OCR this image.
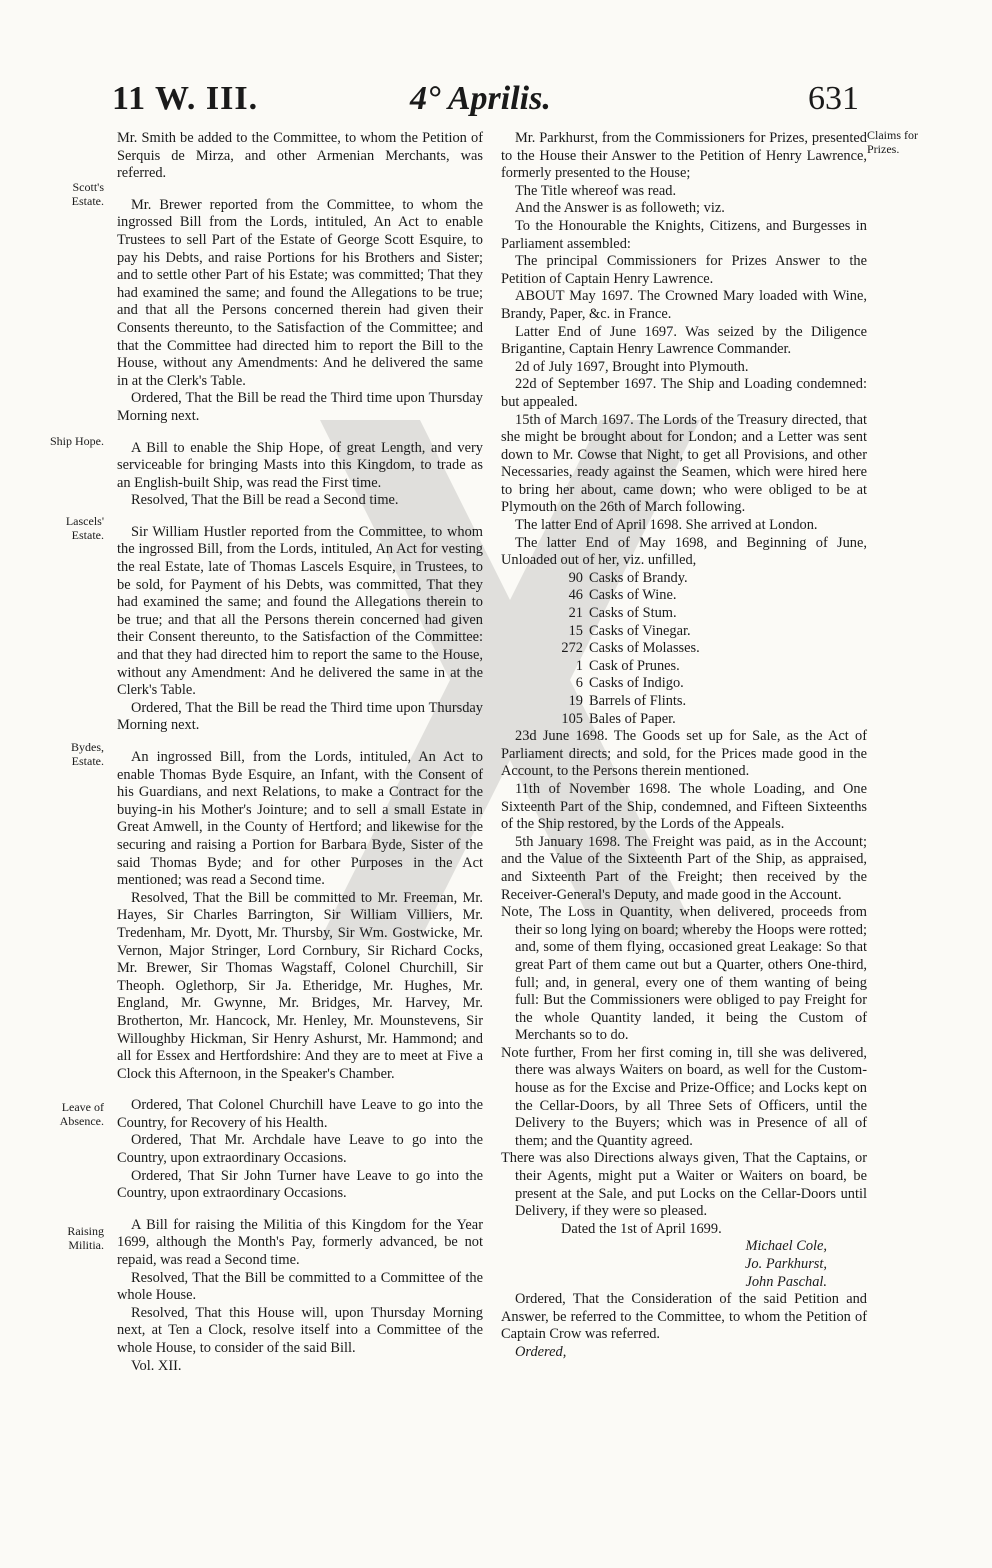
11 W. III.	4° Aprilis.	631
Scott's Estate.
Ship Hope.
Lascels' Estate.
Bydes, Estate.
Leave of Absence.
Raising Militia.
Claims for Prizes.

Mr. Smith be added to the Committee, to whom the Petition of Serquis de Mirza, and other Armenian Merchants, was referred.

Mr. Brewer reported from the Committee, to whom the ingrossed Bill from the Lords, intituled, An Act to enable Trustees to sell Part of the Estate of George Scott Esquire, to pay his Debts, and raise Portions for his Brothers and Sister; and to settle other Part of his Estate; was committed; That they had examined the same; and found the Allegations to be true; and that all the Persons concerned therein had given their Consents thereunto, to the Satisfaction of the Committee; and that the Committee had directed him to report the Bill to the House, without any Amendments: And he delivered the same in at the Clerk's Table.

Ordered, That the Bill be read the Third time upon Thursday Morning next.

A Bill to enable the Ship Hope, of great Length, and very serviceable for bringing Masts into this Kingdom, to trade as an English-built Ship, was read the First time.

Resolved, That the Bill be read a Second time.

Sir William Hustler reported from the Committee, to whom the ingrossed Bill, from the Lords, intituled, An Act for vesting the real Estate, late of Thomas Lascels Esquire, in Trustees, to be sold, for Payment of his Debts, was committed, That they had examined the same; and found the Allegations therein to be true; and that all the Persons therein concerned had given their Consent thereunto, to the Satisfaction of the Committee: and that they had directed him to report the same to the House, without any Amendment: And he delivered the same in at the Clerk's Table.

Ordered, That the Bill be read the Third time upon Thursday Morning next.

An ingrossed Bill, from the Lords, intituled, An Act to enable Thomas Byde Esquire, an Infant, with the Consent of his Guardians, and next Relations, to make a Contract for the buying-in his Mother's Jointure; and to sell a small Estate in Great Amwell, in the County of Hertford; and likewise for the securing and raising a Portion for Barbara Byde, Sister of the said Thomas Byde; and for other Purposes in the Act mentioned; was read a Second time.

Resolved, That the Bill be committed to Mr. Freeman, Mr. Hayes, Sir Charles Barrington, Sir William Villiers, Mr. Tredenham, Mr. Dyott, Mr. Thursby, Sir Wm. Gostwicke, Mr. Vernon, Major Stringer, Lord Cornbury, Sir Richard Cocks, Mr. Brewer, Sir Thomas Wagstaff, Colonel Churchill, Sir Theoph. Oglethorp, Sir Ja. Etheridge, Mr. Hughes, Mr. England, Mr. Gwynne, Mr. Bridges, Mr. Harvey, Mr. Brotherton, Mr. Hancock, Mr. Henley, Mr. Mounstevens, Sir Willoughby Hickman, Sir Henry Ashurst, Mr. Hammond; and all for Essex and Hertfordshire: And they are to meet at Five a Clock this Afternoon, in the Speaker's Chamber.

Ordered, That Colonel Churchill have Leave to go into the Country, for Recovery of his Health.

Ordered, That Mr. Archdale have Leave to go into the Country, upon extraordinary Occasions.

Ordered, That Sir John Turner have Leave to go into the Country, upon extraordinary Occasions.

A Bill for raising the Militia of this Kingdom for the Year 1699, although the Month's Pay, formerly advanced, be not repaid, was read a Second time.

Resolved, That the Bill be committed to a Committee of the whole House.

Resolved, That this House will, upon Thursday Morning next, at Ten a Clock, resolve itself into a Committee of the whole House, to consider of the said Bill.

Vol. XII.

Mr. Parkhurst, from the Commissioners for Prizes, presented to the House their Answer to the Petition of Henry Lawrence, formerly presented to the House;

The Title whereof was read.

And the Answer is as followeth; viz.

To the Honourable the Knights, Citizens, and Burgesses in Parliament assembled:

The principal Commissioners for Prizes Answer to the Petition of Captain Henry Lawrence.

ABOUT May 1697. The Crowned Mary loaded with Wine, Brandy, Paper, &c. in France.

Latter End of June 1697. Was seized by the Diligence Brigantine, Captain Henry Lawrence Commander.

2d of July 1697, Brought into Plymouth.

22d of September 1697. The Ship and Loading condemned: but appealed.

15th of March 1697. The Lords of the Treasury directed, that she might be brought about for London; and a Letter was sent down to Mr. Cowse that Night, to get all Provisions, and other Necessaries, ready against the Seamen, which were hired here to bring her about, came down; who were obliged to be at Plymouth on the 26th of March following.

The latter End of April 1698. She arrived at London.

The latter End of May 1698, and Beginning of June, Unloaded out of her, viz. unfilled,

90 Casks of Brandy.
46 Casks of Wine.
21 Casks of Stum.
15 Casks of Vinegar.
272 Casks of Molasses.
1 Cask of Prunes.
6 Casks of Indigo.
19 Barrels of Flints.
105 Bales of Paper.

23d June 1698. The Goods set up for Sale, as the Act of Parliament directs; and sold, for the Prices made good in the Account, to the Persons therein mentioned.

11th of November 1698. The whole Loading, and One Sixteenth Part of the Ship, condemned, and Fifteen Sixteenths of the Ship restored, by the Lords of the Appeals.

5th January 1698. The Freight was paid, as in the Account; and the Value of the Sixteenth Part of the Ship, as appraised, and Sixteenth Part of the Freight; then received by the Receiver-General's Deputy, and made good in the Account.

Note, The Loss in Quantity, when delivered, proceeds from their so long lying on board; whereby the Hoops were rotted; and, some of them flying, occasioned great Leakage: So that great Part of them came out but a Quarter, others One-third, full; and, in general, every one of them wanting of being full: But the Commissioners were obliged to pay Freight for the whole Quantity landed, it being the Custom of Merchants so to do.

Note further, From her first coming in, till she was delivered, there was always Waiters on board, as well for the Custom-house as for the Excise and Prize-Office; and Locks kept on the Cellar-Doors, by all Three Sets of Officers, until the Delivery to the Buyers; which was in Presence of all of them; and the Quantity agreed.

There was also Directions always given, That the Captains, or their Agents, might put a Waiter or Waiters on board, be present at the Sale, and put Locks on the Cellar-Doors until Delivery, if they were so pleased.

Dated the 1st of April 1699.

Michael Cole,
Jo. Parkhurst,
John Paschal.

Ordered, That the Consideration of the said Petition and Answer, be referred to the Committee, to whom the Petition of Captain Crow was referred.

Ordered,
